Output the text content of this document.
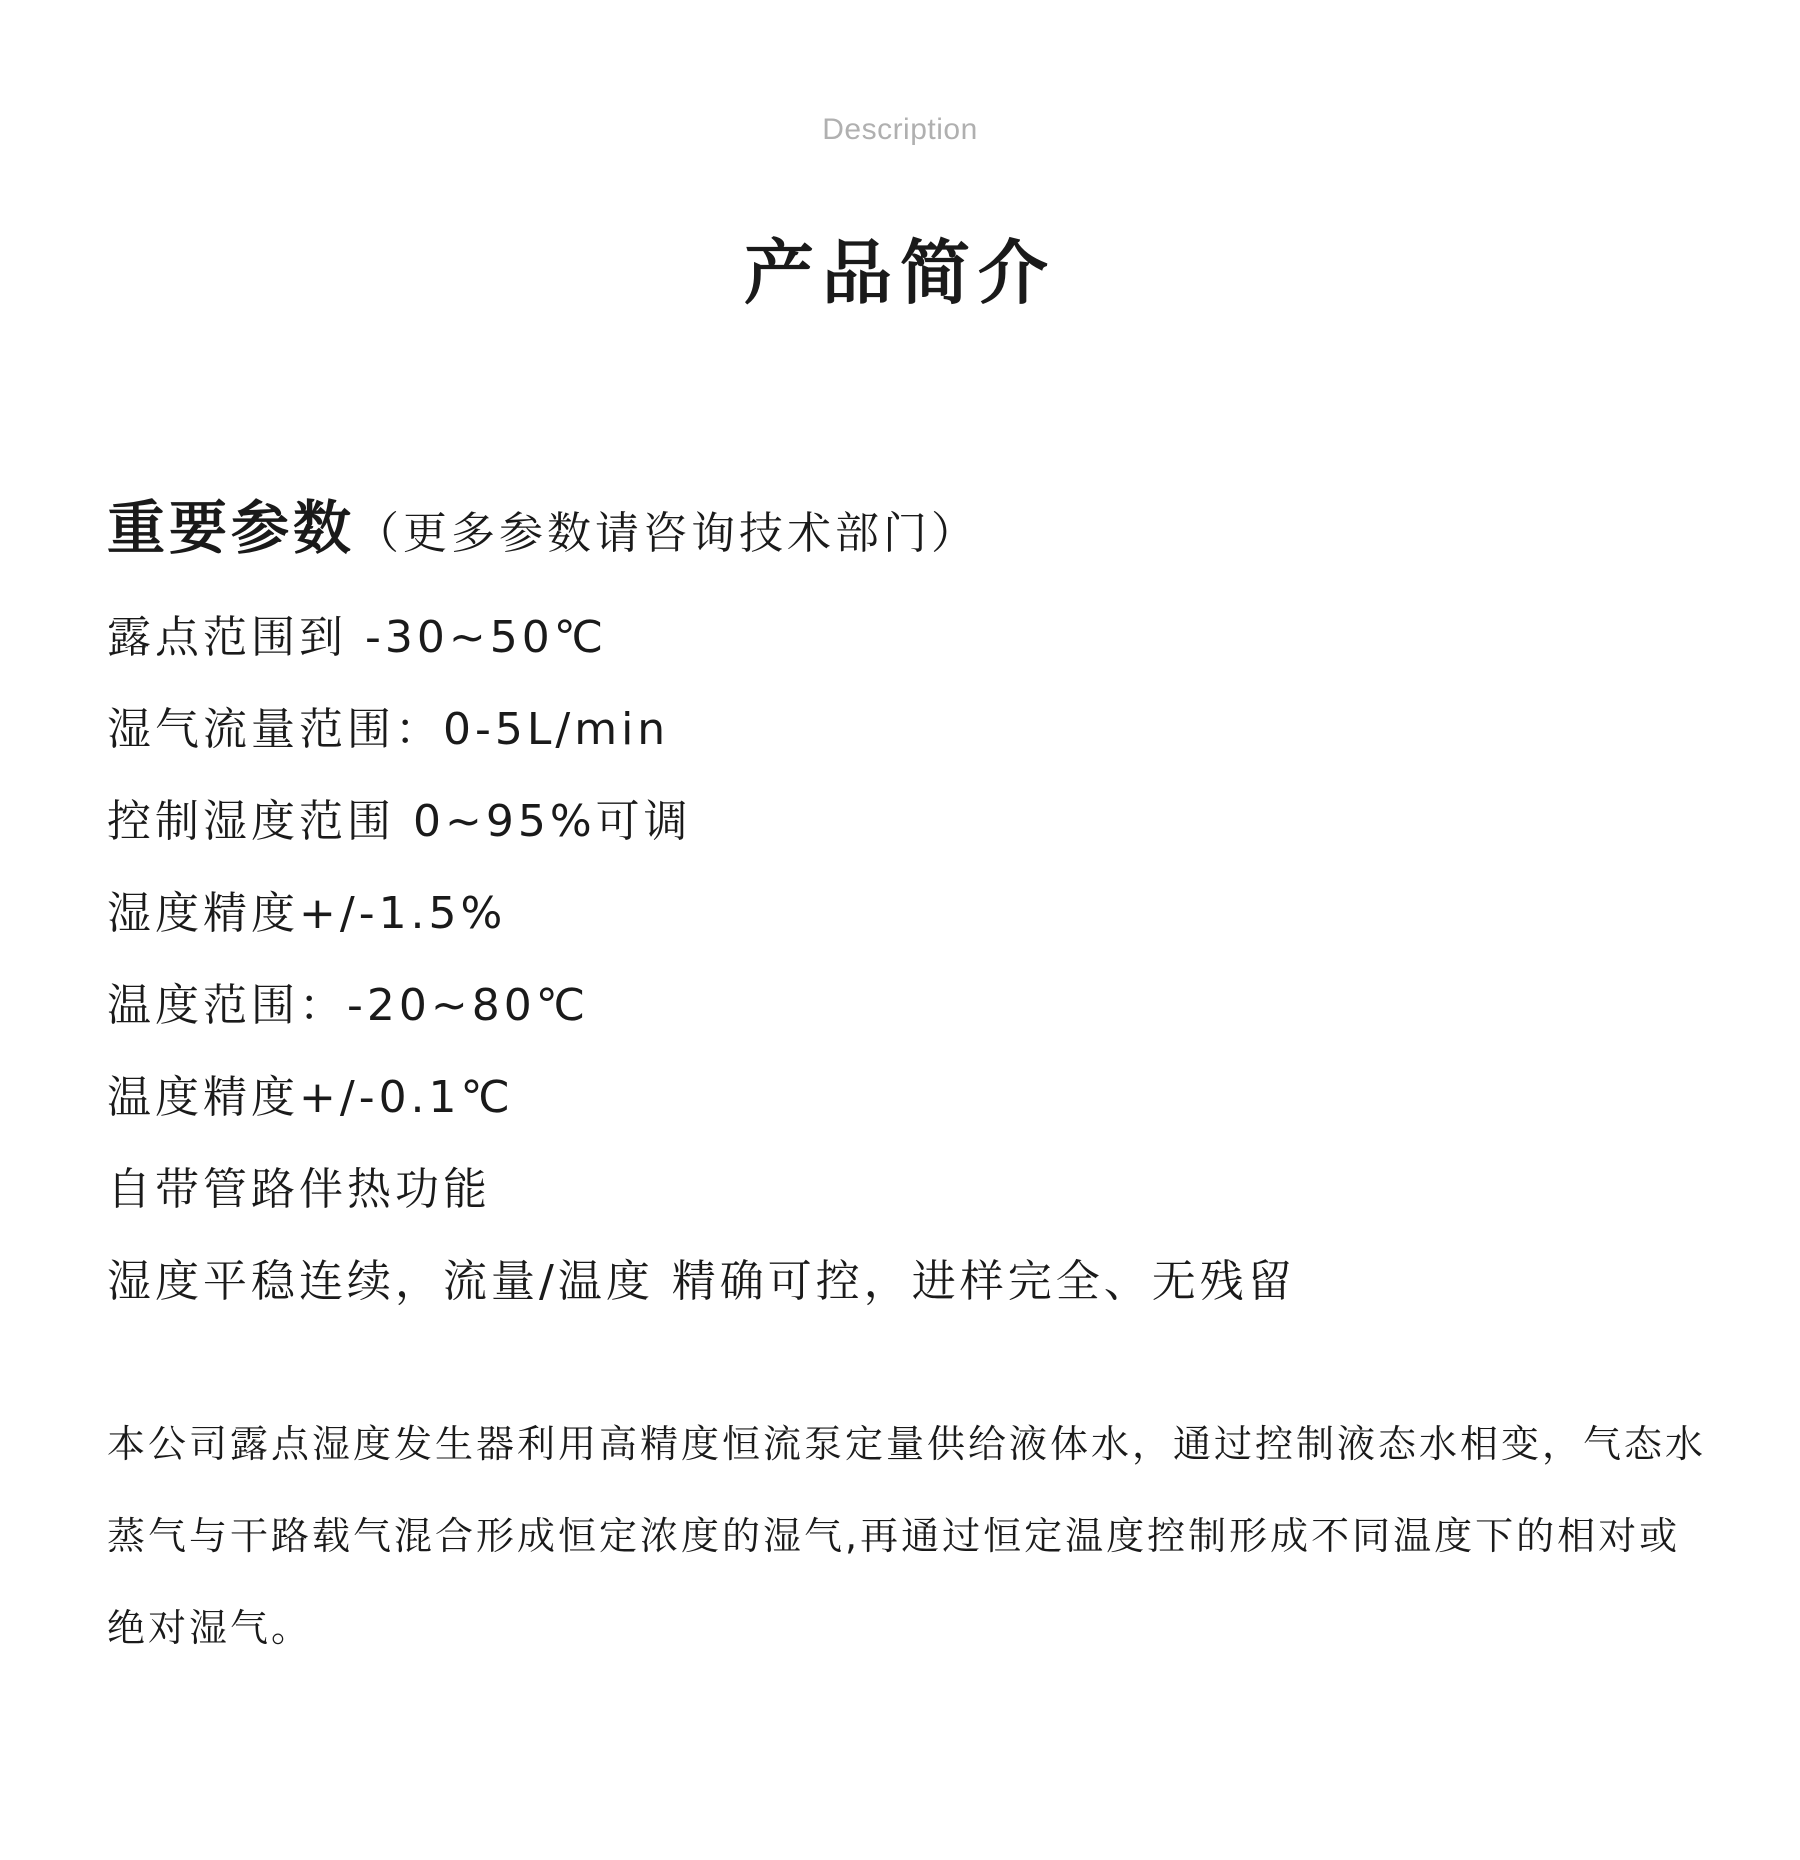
Description
产品简介
重要参数（更多参数请咨询技术部门）
露点范围到 -30~50℃
湿气流量范围：0-5L/min
控制湿度范围 0~95%可调
湿度精度+/-1.5%
温度范围：-20~80℃
温度精度+/-0.1℃
自带管路伴热功能
湿度平稳连续，流量/温度 精确可控，进样完全、无残留

本公司露点湿度发生器利用高精度恒流泵定量供给液体水，通过控制液态水相变，气态水蒸气与干路载气混合形成恒定浓度的湿气,再通过恒定温度控制形成不同温度下的相对或绝对湿气。
